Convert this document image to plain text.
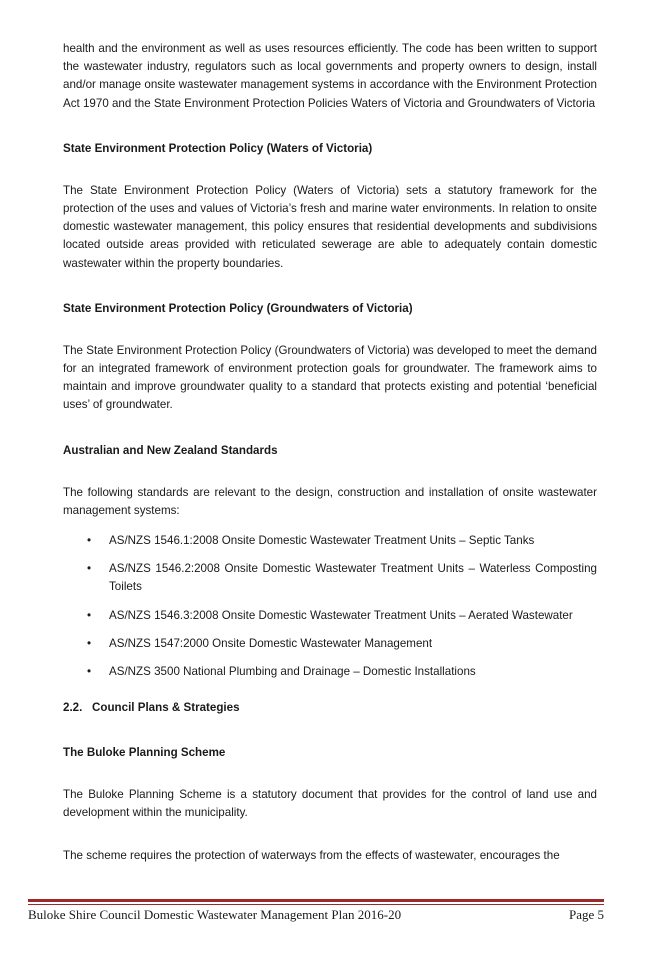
health and the environment as well as uses resources efficiently. The code has been written to support the wastewater industry, regulators such as local governments and property owners to design, install and/or manage onsite wastewater management systems in accordance with the Environment Protection Act 1970 and the State Environment Protection Policies Waters of Victoria and Groundwaters of Victoria

State Environment Protection Policy (Waters of Victoria)

The State Environment Protection Policy (Waters of Victoria) sets a statutory framework for the protection of the uses and values of Victoria’s fresh and marine water environments. In relation to onsite domestic wastewater management, this policy ensures that residential developments and subdivisions located outside areas provided with reticulated sewerage are able to adequately contain domestic wastewater within the property boundaries.

State Environment Protection Policy (Groundwaters of Victoria)

The State Environment Protection Policy (Groundwaters of Victoria) was developed to meet the demand for an integrated framework of environment protection goals for groundwater. The framework aims to maintain and improve groundwater quality to a standard that protects existing and potential ‘beneficial uses’ of groundwater.

Australian and New Zealand Standards

The following standards are relevant to the design, construction and installation of onsite wastewater management systems:

•	AS/NZS 1546.1:2008 Onsite Domestic Wastewater Treatment Units – Septic Tanks
•	AS/NZS 1546.2:2008 Onsite Domestic Wastewater Treatment Units – Waterless Composting Toilets
•	AS/NZS 1546.3:2008 Onsite Domestic Wastewater Treatment Units – Aerated Wastewater
•	AS/NZS 1547:2000 Onsite Domestic Wastewater Management
•	AS/NZS 3500 National Plumbing and Drainage – Domestic Installations
2.2.   Council Plans & Strategies
The Buloke Planning Scheme

The Buloke Planning Scheme is a statutory document that provides for the control of land use and development within the municipality.

The scheme requires the protection of waterways from the effects of wastewater, encourages the

Buloke Shire Council Domestic Wastewater Management Plan 2016-20	Page 5
